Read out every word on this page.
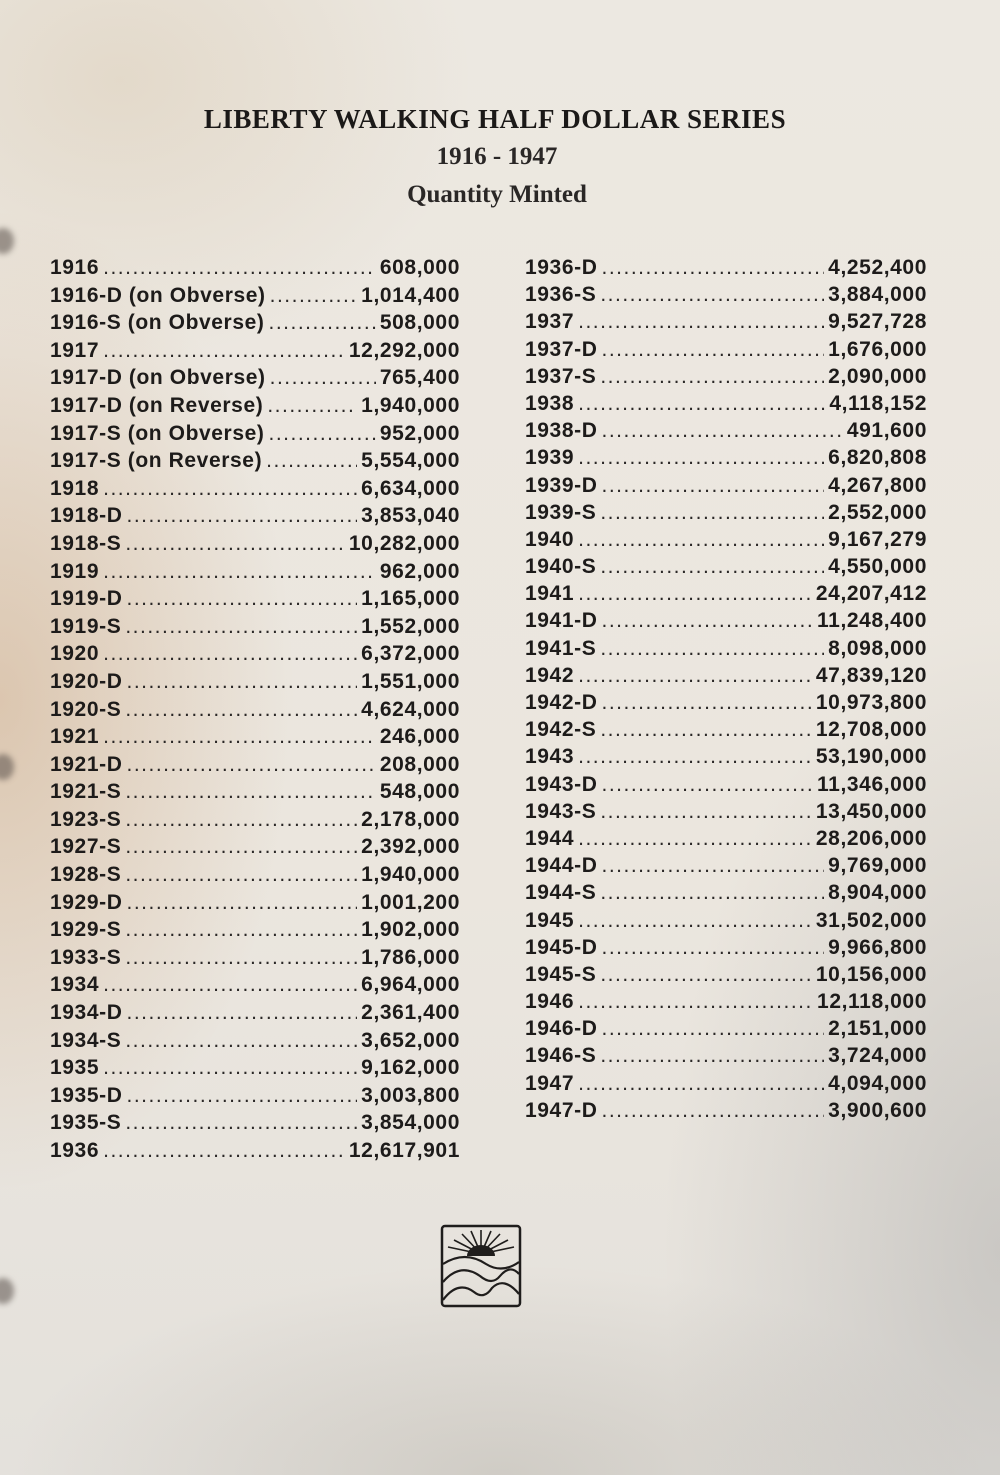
LIBERTY WALKING HALF DOLLAR SERIES
1916 - 1947
Quantity Minted
1916 .....	608,000
1916-D (on Obverse) .....	1,014,400
1916-S (on Obverse) .....	508,000
1917 .....	12,292,000
1917-D (on Obverse) .....	765,400
1917-D (on Reverse) .....	1,940,000
1917-S (on Obverse) .....	952,000
1917-S (on Reverse) .....	5,554,000
1918 .....	6,634,000
1918-D .....	3,853,040
1918-S .....	10,282,000
1919 .....	962,000
1919-D .....	1,165,000
1919-S .....	1,552,000
1920 .....	6,372,000
1920-D .....	1,551,000
1920-S .....	4,624,000
1921 .....	246,000
1921-D .....	208,000
1921-S .....	548,000
1923-S .....	2,178,000
1927-S .....	2,392,000
1928-S .....	1,940,000
1929-D .....	1,001,200
1929-S .....	1,902,000
1933-S .....	1,786,000
1934 .....	6,964,000
1934-D .....	2,361,400
1934-S .....	3,652,000
1935 .....	9,162,000
1935-D .....	3,003,800
1935-S .....	3,854,000
1936 .....	12,617,901
1936-D .....	4,252,400
1936-S .....	3,884,000
1937 .....	9,527,728
1937-D .....	1,676,000
1937-S .....	2,090,000
1938 .....	4,118,152
1938-D .....	491,600
1939 .....	6,820,808
1939-D .....	4,267,800
1939-S .....	2,552,000
1940 .....	9,167,279
1940-S .....	4,550,000
1941 .....	24,207,412
1941-D .....	11,248,400
1941-S .....	8,098,000
1942 .....	47,839,120
1942-D .....	10,973,800
1942-S .....	12,708,000
1943 .....	53,190,000
1943-D .....	11,346,000
1943-S .....	13,450,000
1944 .....	28,206,000
1944-D .....	9,769,000
1944-S .....	8,904,000
1945 .....	31,502,000
1945-D .....	9,966,800
1945-S .....	10,156,000
1946 .....	12,118,000
1946-D .....	2,151,000
1946-S .....	3,724,000
1947 .....	4,094,000
1947-D .....	3,900,600
